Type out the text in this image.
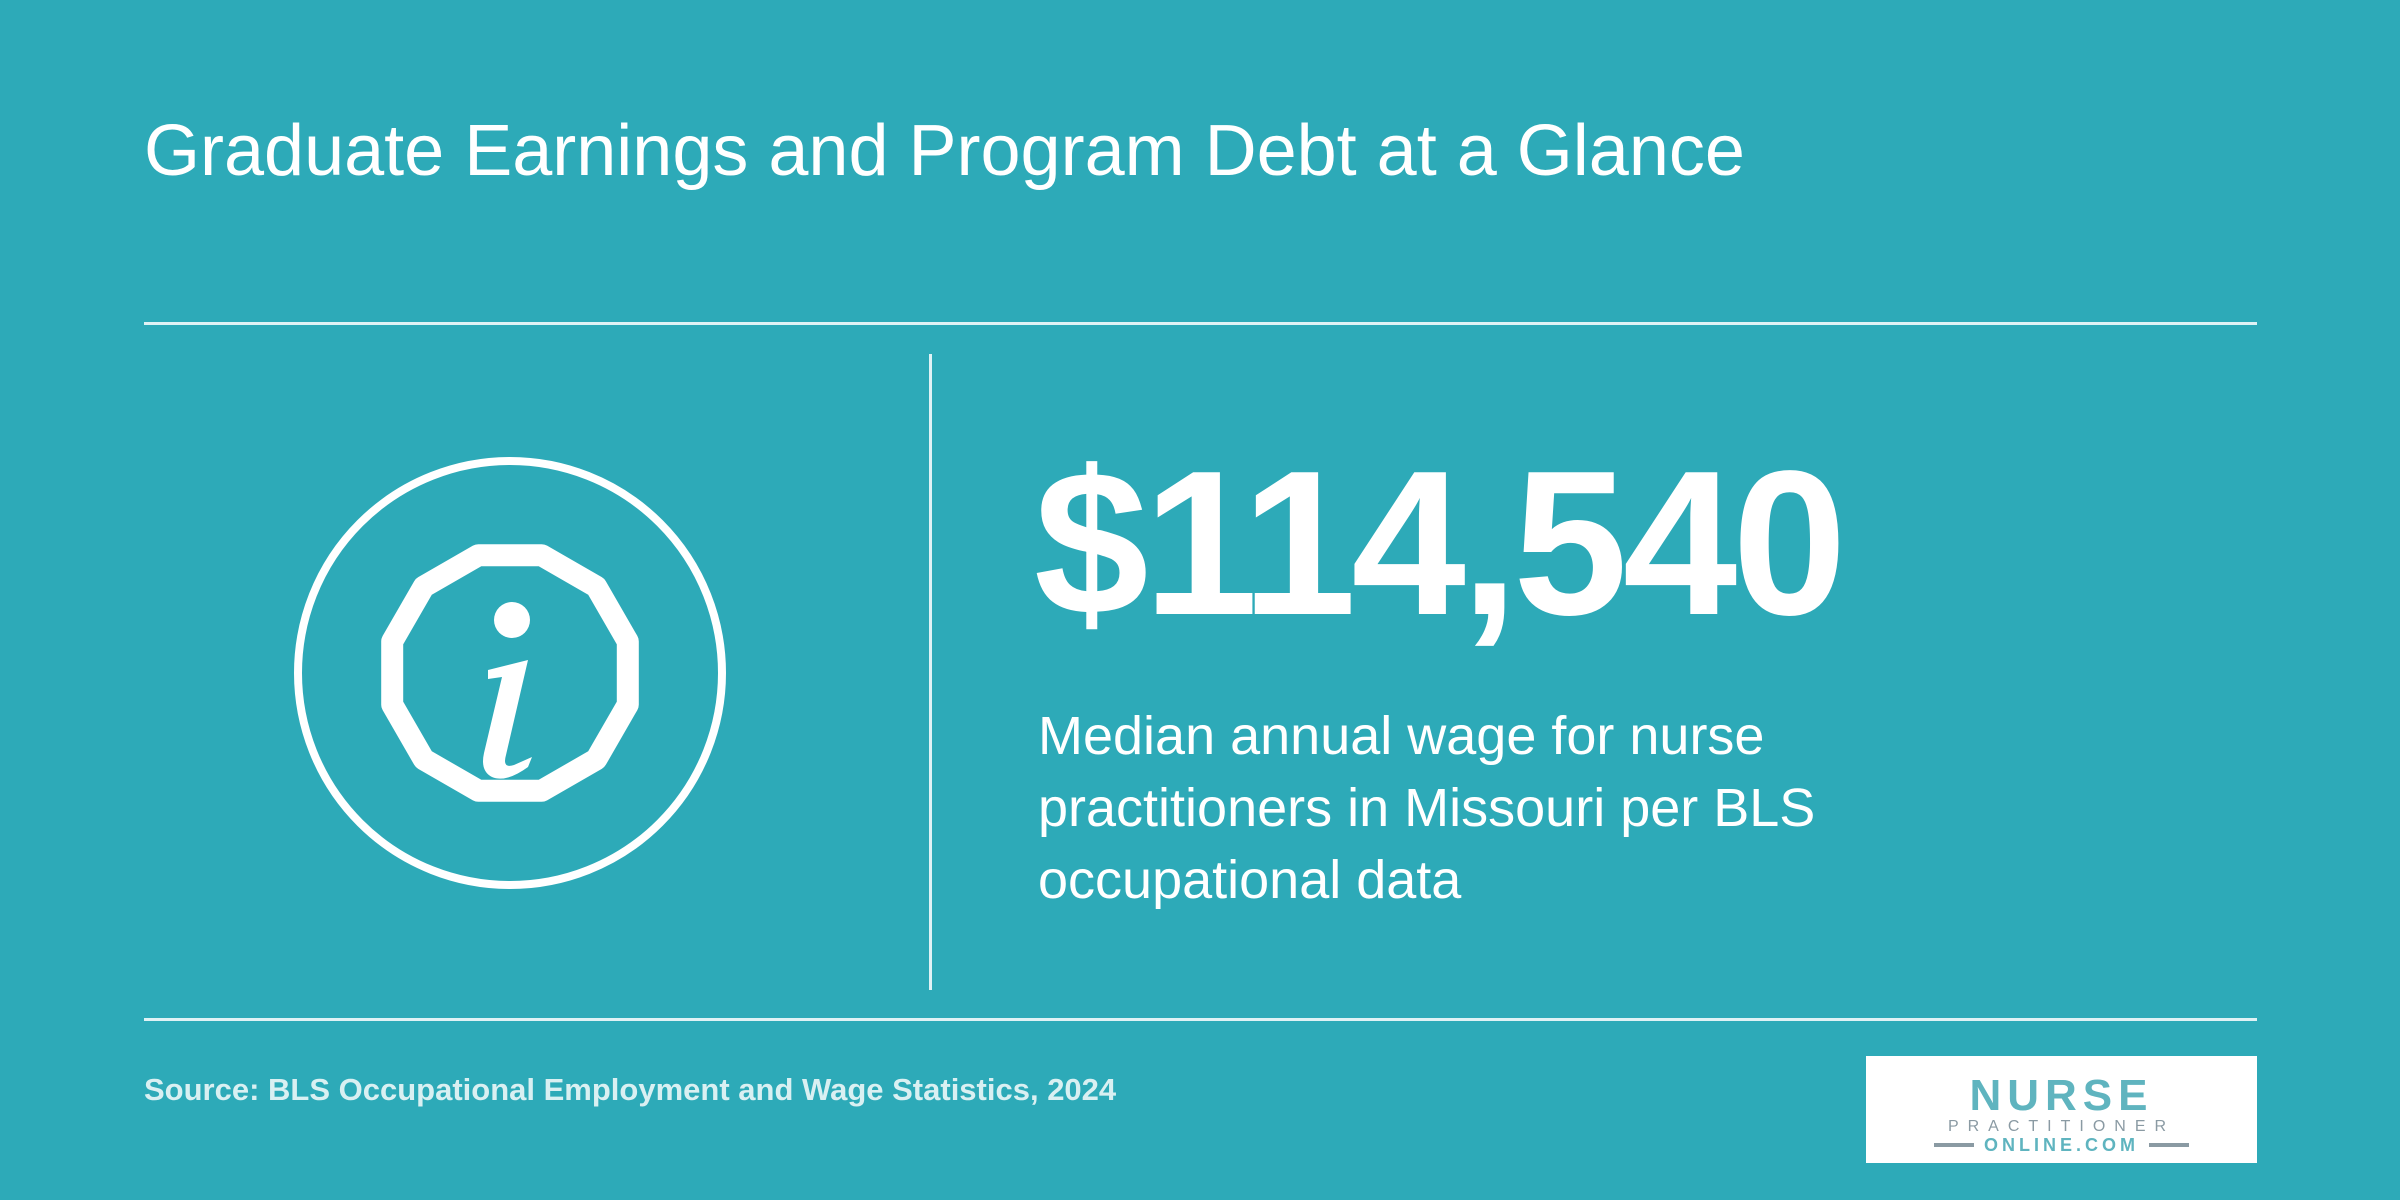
Graduate Earnings and Program Debt at a Glance
$114,540
Median annual wage for nurse practitioners in Missouri per BLS occupational data
Source: BLS Occupational Employment and Wage Statistics, 2024	NURSE
PRACTITIONER
ONLINE.COM
